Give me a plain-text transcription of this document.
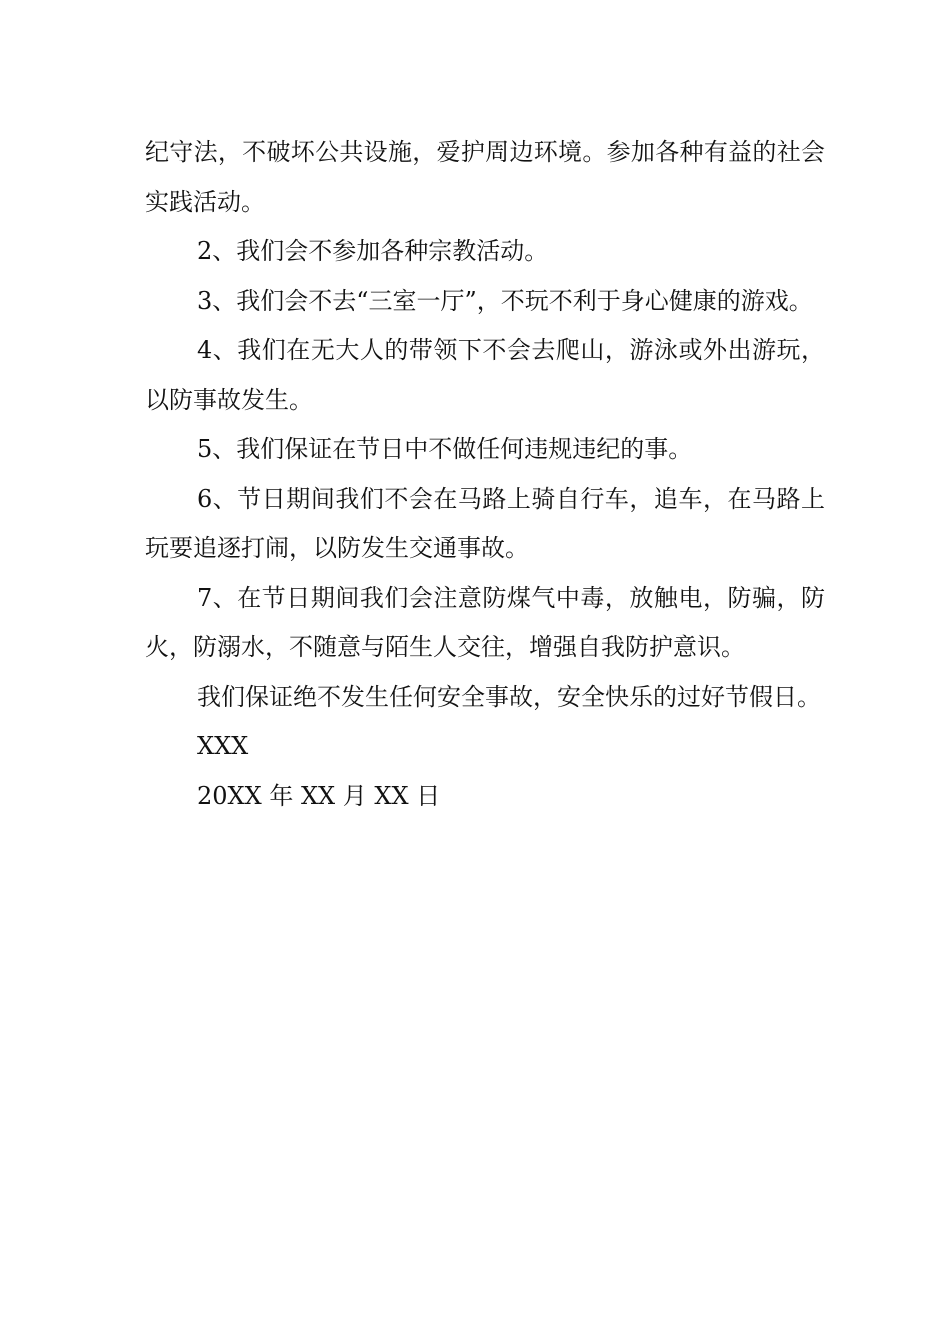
纪守法，不破坏公共设施，爱护周边环境。参加各种有益的社会实践活动。

2、我们会不参加各种宗教活动。

3、我们会不去“三室一厅”，不玩不利于身心健康的游戏。

4、我们在无大人的带领下不会去爬山，游泳或外出游玩，以防事故发生。

5、我们保证在节日中不做任何违规违纪的事。

6、节日期间我们不会在马路上骑自行车，追车，在马路上玩要追逐打闹，以防发生交通事故。

7、在节日期间我们会注意防煤气中毒，放触电，防骗，防火，防溺水，不随意与陌生人交往，增强自我防护意识。

我们保证绝不发生任何安全事故，安全快乐的过好节假日。

XXX

20XX 年 XX 月 XX 日
